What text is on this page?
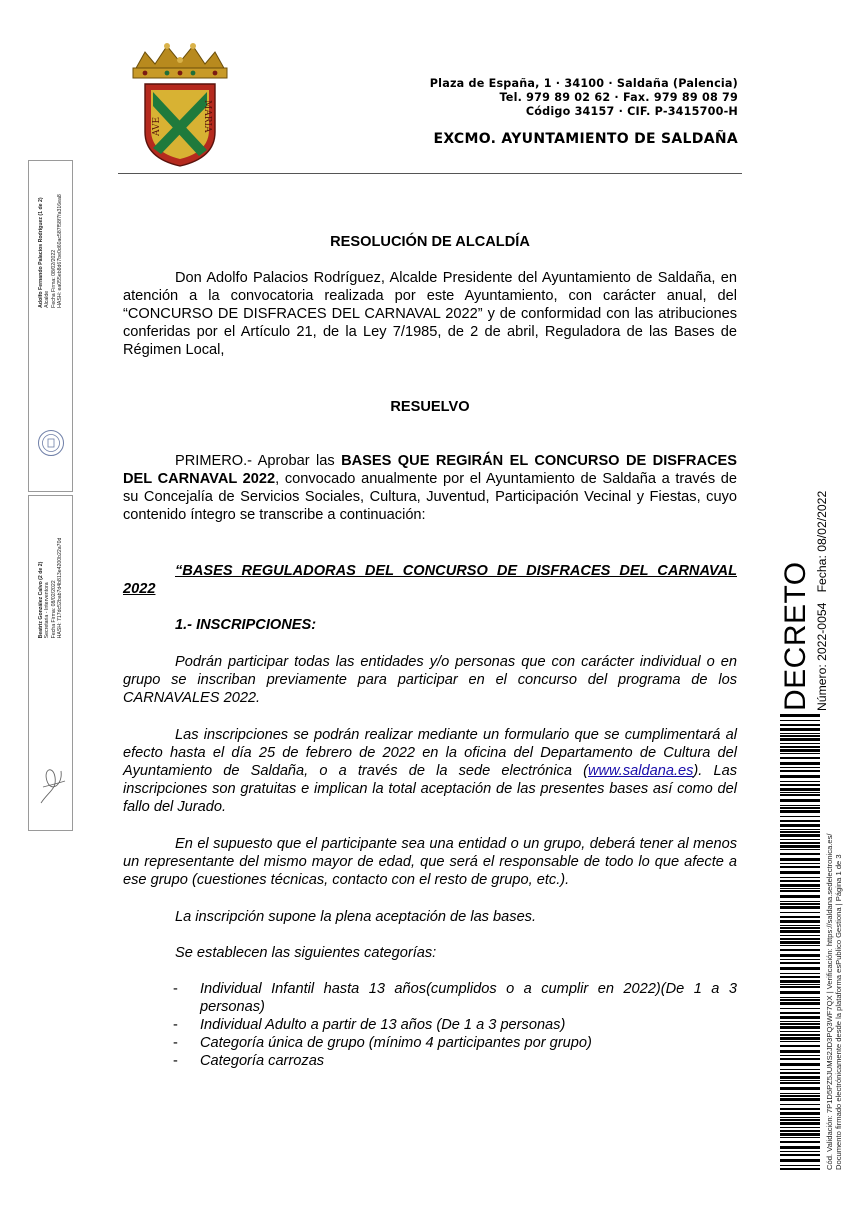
AVE	MARIA
Plaza de España, 1 · 34100 · Saldaña (Palencia)
Tel. 979 89 02 62 · Fax. 979 89 08 79
Código 34157 · CIF. P-3415700-H
EXCMO. AYUNTAMIENTO DE SALDAÑA
Adolfo Fernando Palacios Rodríguez (1 de 2) Alcalde Fecha Firma: 08/02/2022 HASH: ea055eb8d67be0d60ac587f58f7fa316ea8
Beatriz González Calvo (2 de 2) Secretaria - Interventora Fecha Firma: 08/02/2022 HASH: 717dc52bab7d4b813e4200b22a70d
RESOLUCIÓN DE ALCALDÍA

Don Adolfo Palacios Rodríguez, Alcalde Presidente del Ayuntamiento de Saldaña, en atención a la convocatoria realizada por este Ayuntamiento, con carácter anual, del “CONCURSO DE DISFRACES DEL CARNAVAL 2022” y de conformidad con las atribuciones conferidas por el Artículo 21, de la Ley 7/1985, de 2 de abril, Reguladora de las Bases de Régimen Local,

RESUELVO

PRIMERO.- Aprobar las BASES QUE REGIRÁN EL CONCURSO DE DISFRACES DEL CARNAVAL 2022, convocado anualmente por el Ayuntamiento de Saldaña a través de su Concejalía de Servicios Sociales, Cultura, Juventud, Participación Vecinal y Fiestas, cuyo contenido íntegro se transcribe a continuación:

“BASES REGULADORAS DEL CONCURSO DE DISFRACES DEL CARNAVAL 2022

1.- INSCRIPCIONES:

Podrán participar todas las entidades y/o personas que con carácter individual o en grupo se inscriban previamente para participar en el concurso del programa de los CARNAVALES 2022.

Las inscripciones se podrán realizar mediante un formulario que se cumplimentará al efecto hasta el día 25 de febrero de 2022 en la oficina del Departamento de Cultura del Ayuntamiento de Saldaña, o a través de la sede electrónica (www.saldana.es). Las inscripciones son gratuitas e implican la total aceptación de las presentes bases así como del fallo del Jurado.

En el supuesto que el participante sea una entidad o un grupo, deberá tener al menos un representante del mismo mayor de edad, que será el responsable de todo lo que afecte a ese grupo (cuestiones técnicas, contacto con el resto de grupo, etc.).

La inscripción supone la plena aceptación de las bases.

Se establecen las siguientes categorías:

- Individual Infantil hasta 13 años(cumplidos o a cumplir en 2022)(De 1 a 3 personas)
- Individual Adulto a partir de 13 años (De 1 a 3 personas)
- Categoría única de grupo (mínimo 4 participantes por grupo)
- Categoría carrozas
DECRETO Número: 2022-0054   Fecha: 08/02/2022
Cód. Validación: 7P1D5PZ5JUMS2JD3PQ3WF7QX | Verificación: https://saldana.sedelectronica.es/ Documento firmado electrónicamente desde la plataforma esPublico Gestiona | Página 1 de 3
